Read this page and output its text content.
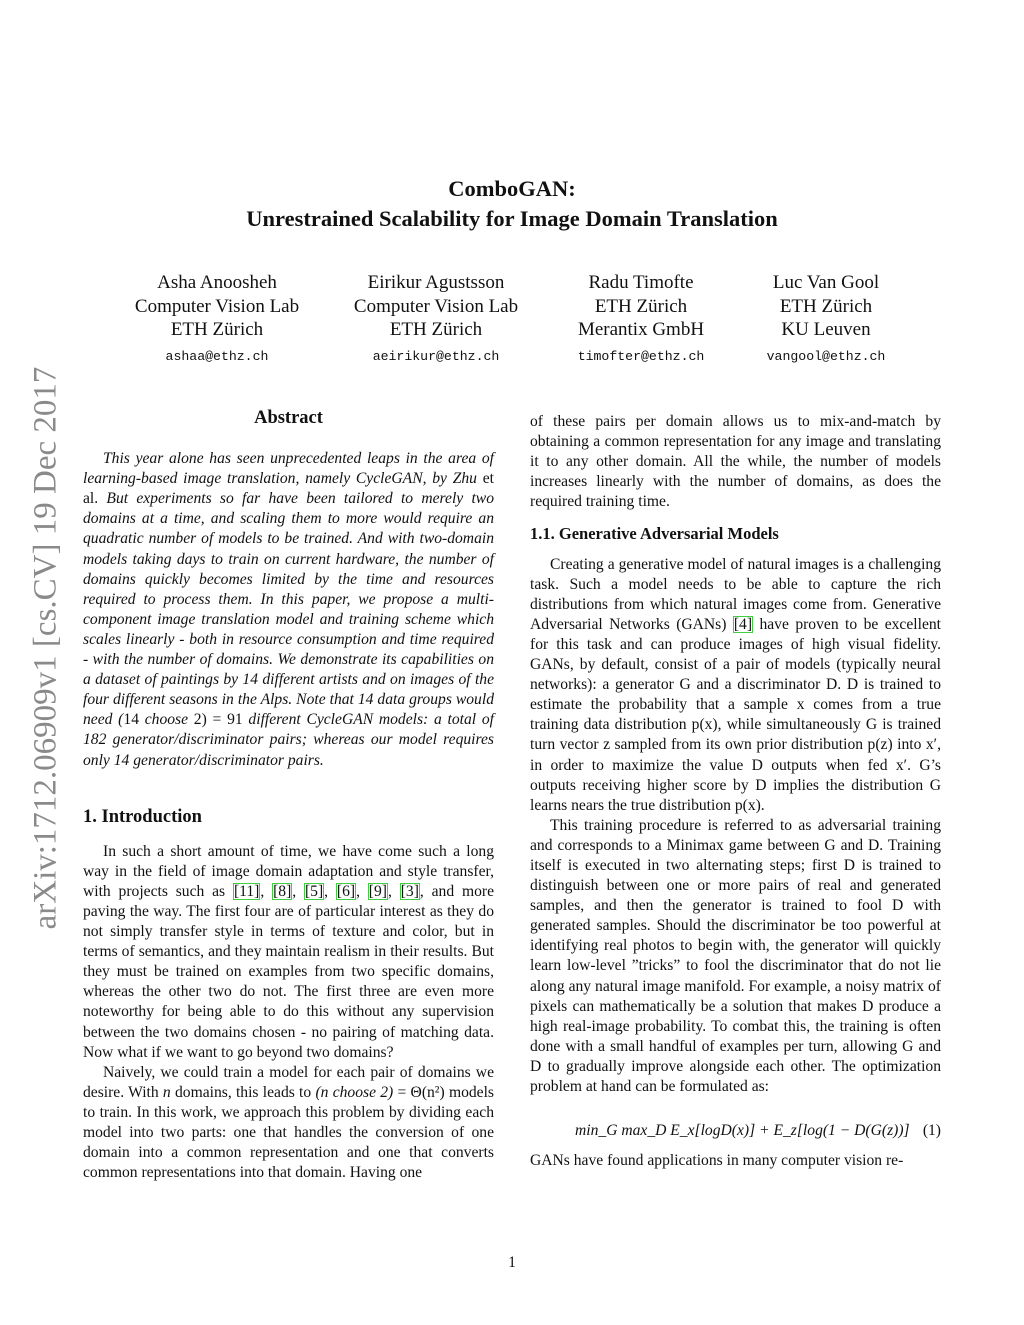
arXiv:1712.06909v1 [cs.CV] 19 Dec 2017
ComboGAN:
Unrestrained Scalability for Image Domain Translation
Asha Anoosheh
Computer Vision Lab
ETH Zürich
ashaa@ethz.ch
Eirikur Agustsson
Computer Vision Lab
ETH Zürich
aeirikur@ethz.ch
Radu Timofte
ETH Zürich
Merantix GmbH
timofter@ethz.ch
Luc Van Gool
ETH Zürich
KU Leuven
vangool@ethz.ch
Abstract

This year alone has seen unprecedented leaps in the area of learning-based image translation, namely CycleGAN, by Zhu et al. But experiments so far have been tailored to merely two domains at a time, and scaling them to more would require an quadratic number of models to be trained. And with two-domain models taking days to train on current hardware, the number of domains quickly becomes limited by the time and resources required to process them. In this paper, we propose a multi-component image translation model and training scheme which scales linearly - both in resource consumption and time required - with the number of domains. We demonstrate its capabilities on a dataset of paintings by 14 different artists and on images of the four different seasons in the Alps. Note that 14 data groups would need (14 choose 2) = 91 different CycleGAN models: a total of 182 generator/discriminator pairs; whereas our model requires only 14 generator/discriminator pairs.

1. Introduction

In such a short amount of time, we have come such a long way in the field of image domain adaptation and style transfer, with projects such as [11], [8], [5], [6], [9], [3], and more paving the way. The first four are of particular interest as they do not simply transfer style in terms of texture and color, but in terms of semantics, and they maintain realism in their results. But they must be trained on examples from two specific domains, whereas the other two do not. The first three are even more noteworthy for being able to do this without any supervision between the two domains chosen - no pairing of matching data. Now what if we want to go beyond two domains?

Naively, we could train a model for each pair of domains we desire. With n domains, this leads to (n choose 2) = Θ(n²) models to train. In this work, we approach this problem by dividing each model into two parts: one that handles the conversion of one domain into a common representation and one that converts common representations into that domain. Having one

of these pairs per domain allows us to mix-and-match by obtaining a common representation for any image and translating it to any other domain. All the while, the number of models increases linearly with the number of domains, as does the required training time.

1.1. Generative Adversarial Models

Creating a generative model of natural images is a challenging task. Such a model needs to be able to capture the rich distributions from which natural images come from. Generative Adversarial Networks (GANs) [4] have proven to be excellent for this task and can produce images of high visual fidelity. GANs, by default, consist of a pair of models (typically neural networks): a generator G and a discriminator D. D is trained to estimate the probability that a sample x comes from a true training data distribution p(x), while simultaneously G is trained turn vector z sampled from its own prior distribution p(z) into x′, in order to maximize the value D outputs when fed x′. G’s outputs receiving higher score by D implies the distribution G learns nears the true distribution p(x).

This training procedure is referred to as adversarial training and corresponds to a Minimax game between G and D. Training itself is executed in two alternating steps; first D is trained to distinguish between one or more pairs of real and generated samples, and then the generator is trained to fool D with generated samples. Should the discriminator be too powerful at identifying real photos to begin with, the generator will quickly learn low-level ”tricks” to fool the discriminator that do not lie along any natural image manifold. For example, a noisy matrix of pixels can mathematically be a solution that makes D produce a high real-image probability. To combat this, the training is often done with a small handful of examples per turn, allowing G and D to gradually improve alongside each other. The optimization problem at hand can be formulated as:

min_G max_D E_x[logD(x)] + E_z[log(1 − D(G(z))] (1)

GANs have found applications in many computer vision re-

1
